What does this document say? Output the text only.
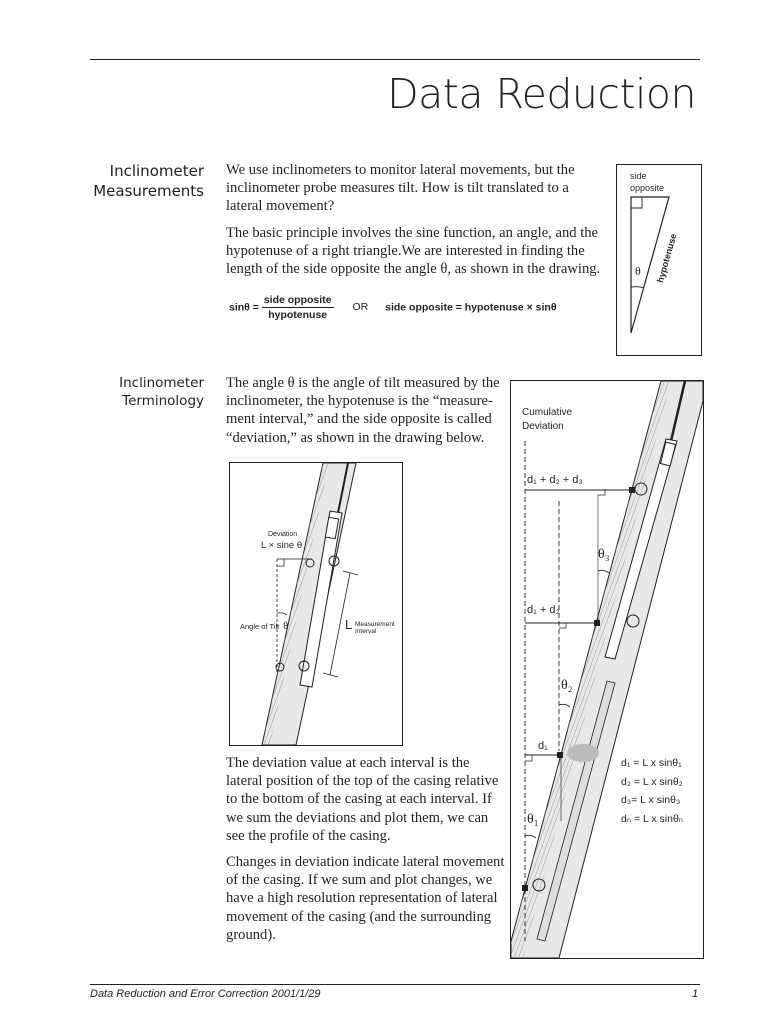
Data Reduction
Inclinometer
Measurements

We use inclinometers to monitor lateral movements, but the inclinometer probe measures tilt. How is tilt translated to a lateral movement?

The basic principle involves the sine function, an angle, and the hypotenuse of a right triangle.We are interested in finding the length of the side opposite the angle θ, as shown in the drawing.

$\sin\theta = \frac{\text{side opposite}}{\text{hypotenuse}}$ OR side opposite = hypotenuse × sinθ
side
opposite
hypotenuse
θ
Inclinometer
Terminology

The angle θ is the angle of tilt measured by the inclinometer, the hypotenuse is the “measure-ment interval,” and the side opposite is called “deviation,” as shown in the drawing below.

Deviation
L × sine θ
Angle of Tilt θ	L Measurement
Interval

The deviation value at each interval is the lateral position of the top of the casing relative to the bottom of the casing at each interval. If we sum the deviations and plot them, we can see the profile of the casing.

Changes in deviation indicate lateral movement of the casing. If we sum and plot changes, we have a high resolution representation of lateral movement of the casing (and the surrounding ground).

Cumulative
Deviation
d₁ + d₂ + d₃
d₁ + d₂
d₁
θ₃
θ₂
θ₁
d₁ = L x sinθ₁
d₂ = L x sinθ₂
d₃= L x sinθ₃
dₙ = L x sinθₙ
Data Reduction and Error Correction 2001/1/29	1
